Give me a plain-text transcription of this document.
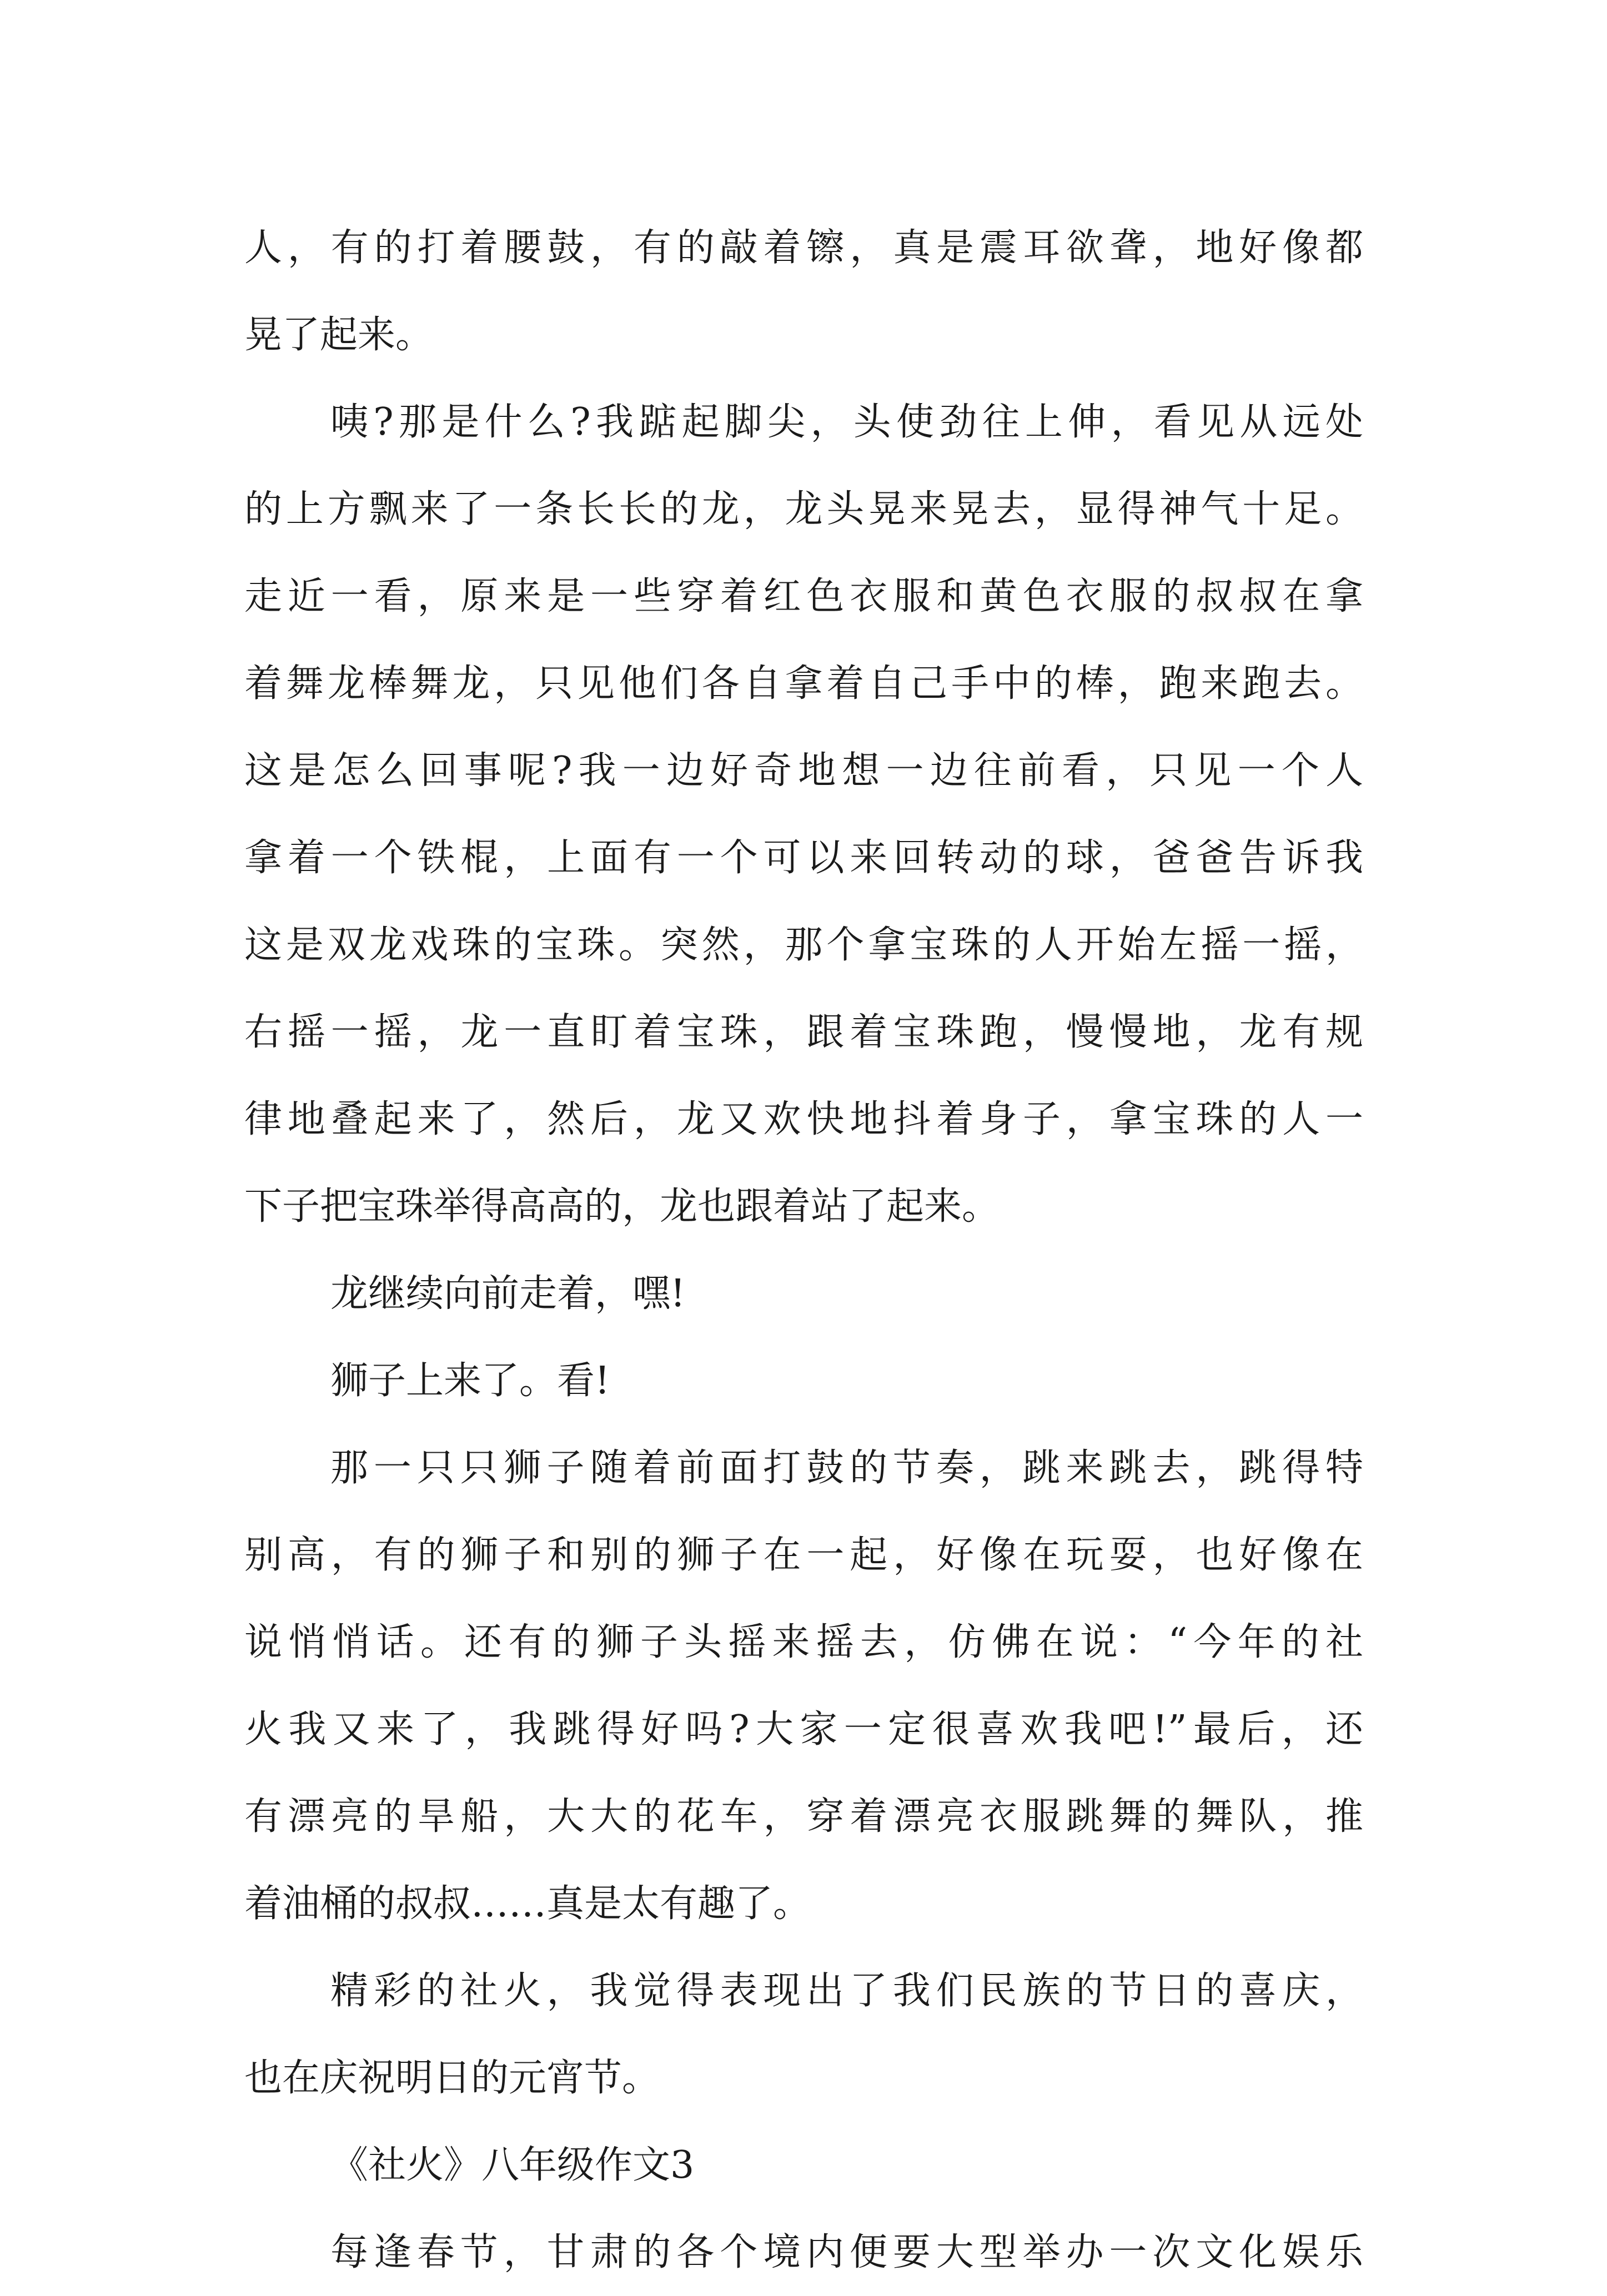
人，有的打着腰鼓，有的敲着镲，真是震耳欲聋，地好像都
晃了起来。
咦?那是什么?我踮起脚尖，头使劲往上伸，看见从远处
的上方飘来了一条长长的龙，龙头晃来晃去，显得神气十足。
走近一看，原来是一些穿着红色衣服和黄色衣服的叔叔在拿
着舞龙棒舞龙，只见他们各自拿着自己手中的棒，跑来跑去。
这是怎么回事呢?我一边好奇地想一边往前看，只见一个人
拿着一个铁棍，上面有一个可以来回转动的球，爸爸告诉我
这是双龙戏珠的宝珠。突然，那个拿宝珠的人开始左摇一摇，
右摇一摇，龙一直盯着宝珠，跟着宝珠跑，慢慢地，龙有规
律地叠起来了，然后，龙又欢快地抖着身子，拿宝珠的人一
下子把宝珠举得高高的，龙也跟着站了起来。
龙继续向前走着，嘿!
狮子上来了。看!
那一只只狮子随着前面打鼓的节奏，跳来跳去，跳得特
别高，有的狮子和别的狮子在一起，好像在玩耍，也好像在
说悄悄话。还有的狮子头摇来摇去，仿佛在说：“今年的社
火我又来了，我跳得好吗?大家一定很喜欢我吧!”最后，还
有漂亮的旱船，大大的花车，穿着漂亮衣服跳舞的舞队，推
着油桶的叔叔……真是太有趣了。
精彩的社火，我觉得表现出了我们民族的节日的喜庆，
也在庆祝明日的元宵节。
《社火》八年级作文3
每逢春节，甘肃的各个境内便要大型举办一次文化娱乐
